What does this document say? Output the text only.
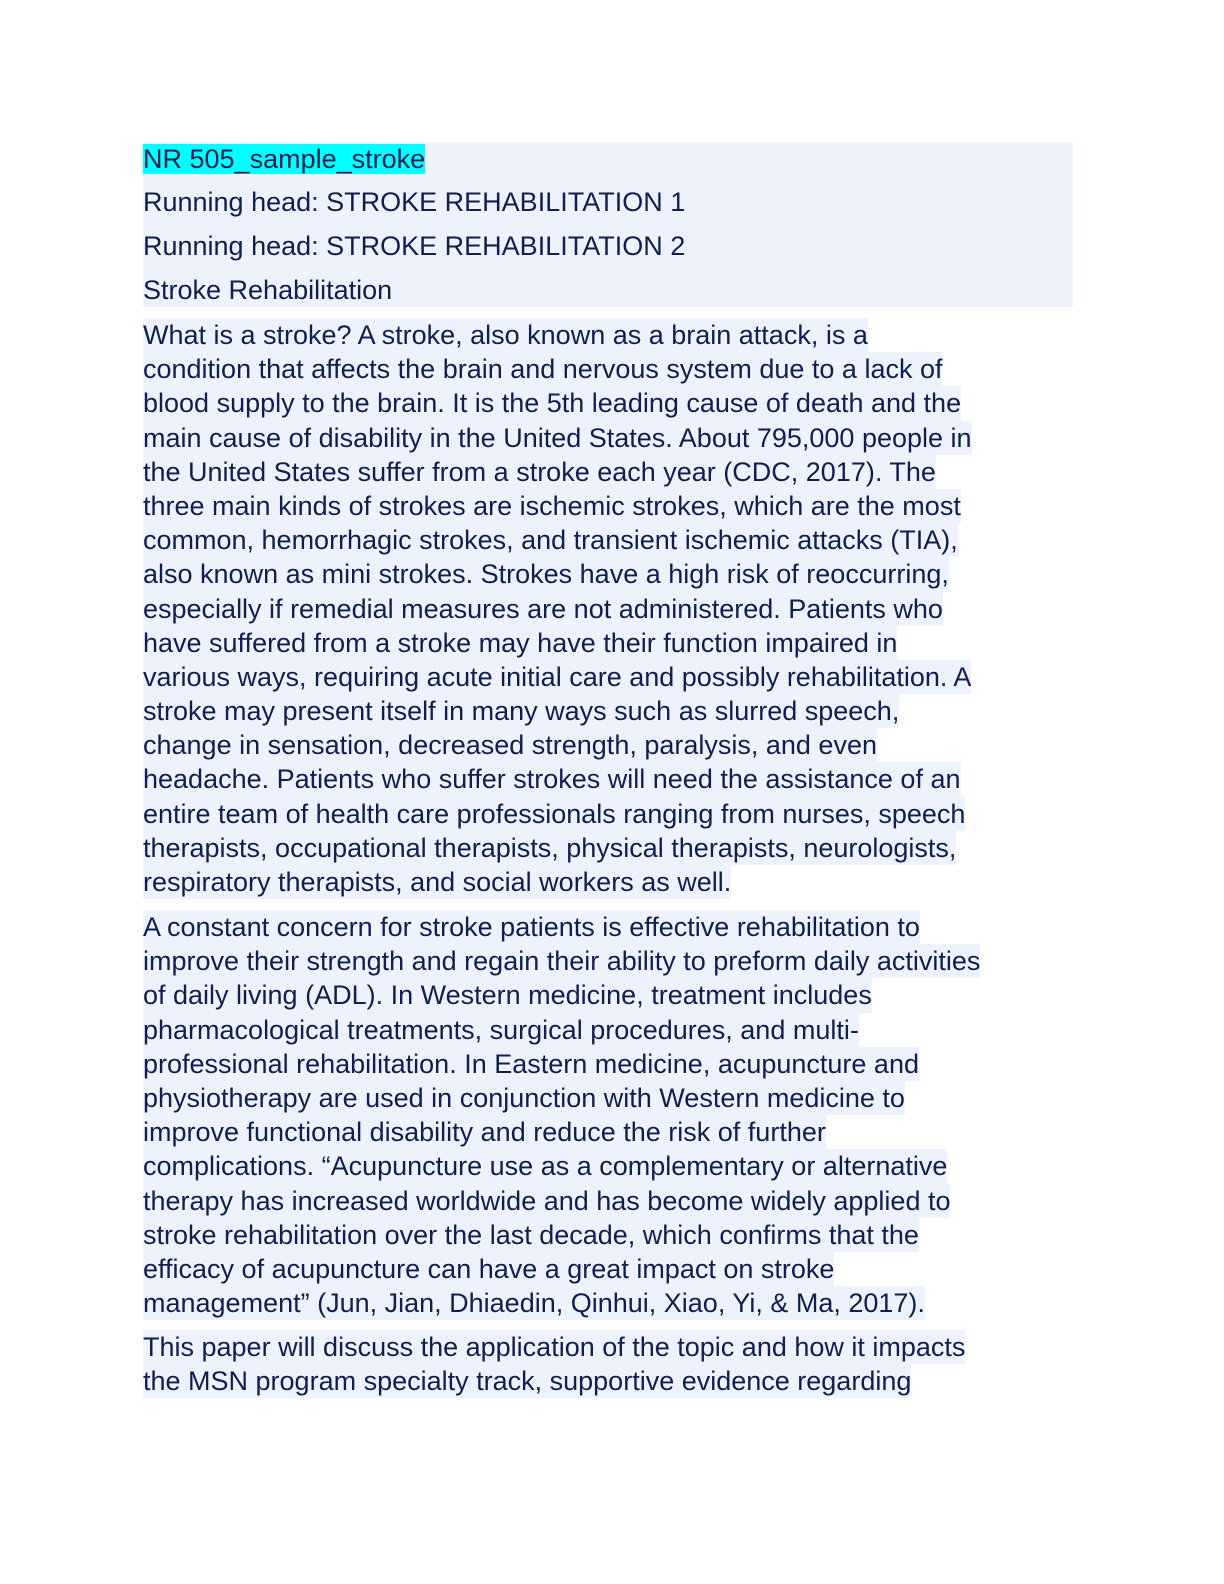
NR 505_sample_stroke
Running head: STROKE REHABILITATION 1
Running head: STROKE REHABILITATION 2
Stroke Rehabilitation
What is a stroke? A stroke, also known as a brain attack, is a
condition that affects the brain and nervous system due to a lack of
blood supply to the brain. It is the 5th leading cause of death and the
main cause of disability in the United States. About 795,000 people in
the United States suffer from a stroke each year (CDC, 2017). The
three main kinds of strokes are ischemic strokes, which are the most
common, hemorrhagic strokes, and transient ischemic attacks (TIA),
also known as mini strokes. Strokes have a high risk of reoccurring,
especially if remedial measures are not administered. Patients who
have suffered from a stroke may have their function impaired in
various ways, requiring acute initial care and possibly rehabilitation. A
stroke may present itself in many ways such as slurred speech,
change in sensation, decreased strength, paralysis, and even
headache. Patients who suffer strokes will need the assistance of an
entire team of health care professionals ranging from nurses, speech
therapists, occupational therapists, physical therapists, neurologists,
respiratory therapists, and social workers as well.
A constant concern for stroke patients is effective rehabilitation to
improve their strength and regain their ability to preform daily activities
of daily living (ADL). In Western medicine, treatment includes
pharmacological treatments, surgical procedures, and multi-
professional rehabilitation. In Eastern medicine, acupuncture and
physiotherapy are used in conjunction with Western medicine to
improve functional disability and reduce the risk of further
complications. “Acupuncture use as a complementary or alternative
therapy has increased worldwide and has become widely applied to
stroke rehabilitation over the last decade, which confirms that the
efficacy of acupuncture can have a great impact on stroke
management” (Jun, Jian, Dhiaedin, Qinhui, Xiao, Yi, & Ma, 2017).
This paper will discuss the application of the topic and how it impacts
the MSN program specialty track, supportive evidence regarding
